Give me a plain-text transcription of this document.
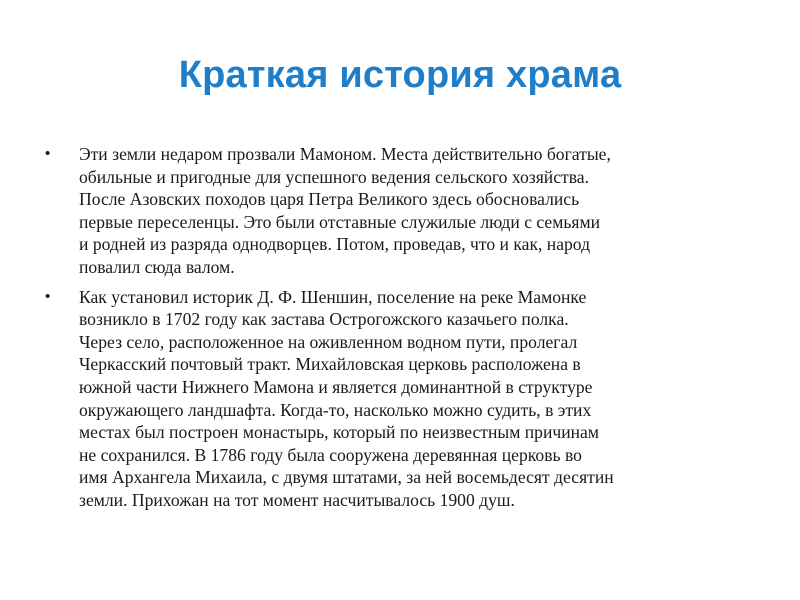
Краткая история храма
•	Эти земли недаром прозвали Мамоном. Места действительно богатые,
обильные и пригодные для успешного ведения сельского хозяйства.
После Азовских походов царя Петра Великого здесь обосновались
первые переселенцы. Это были отставные служилые люди с семьями
и родней из разряда однодворцев. Потом, проведав, что и как, народ
повалил сюда валом.
•	Как установил историк Д. Ф. Шеншин, поселение на реке Мамонке
возникло в 1702 году как застава Острогожского казачьего полка.
Через село, расположенное на оживленном водном пути, пролегал
Черкасский почтовый тракт. Михайловская церковь расположена в
южной части Нижнего Мамона и является доминантной в структуре
окружающего ландшафта. Когда-то, насколько можно судить, в этих
местах был построен монастырь, который по неизвестным причинам
не сохранился. В 1786 году была сооружена деревянная церковь во
имя Архангела Михаила, с двумя штатами, за ней восемьдесят десятин
земли. Прихожан на тот момент насчитывалось 1900 душ.
